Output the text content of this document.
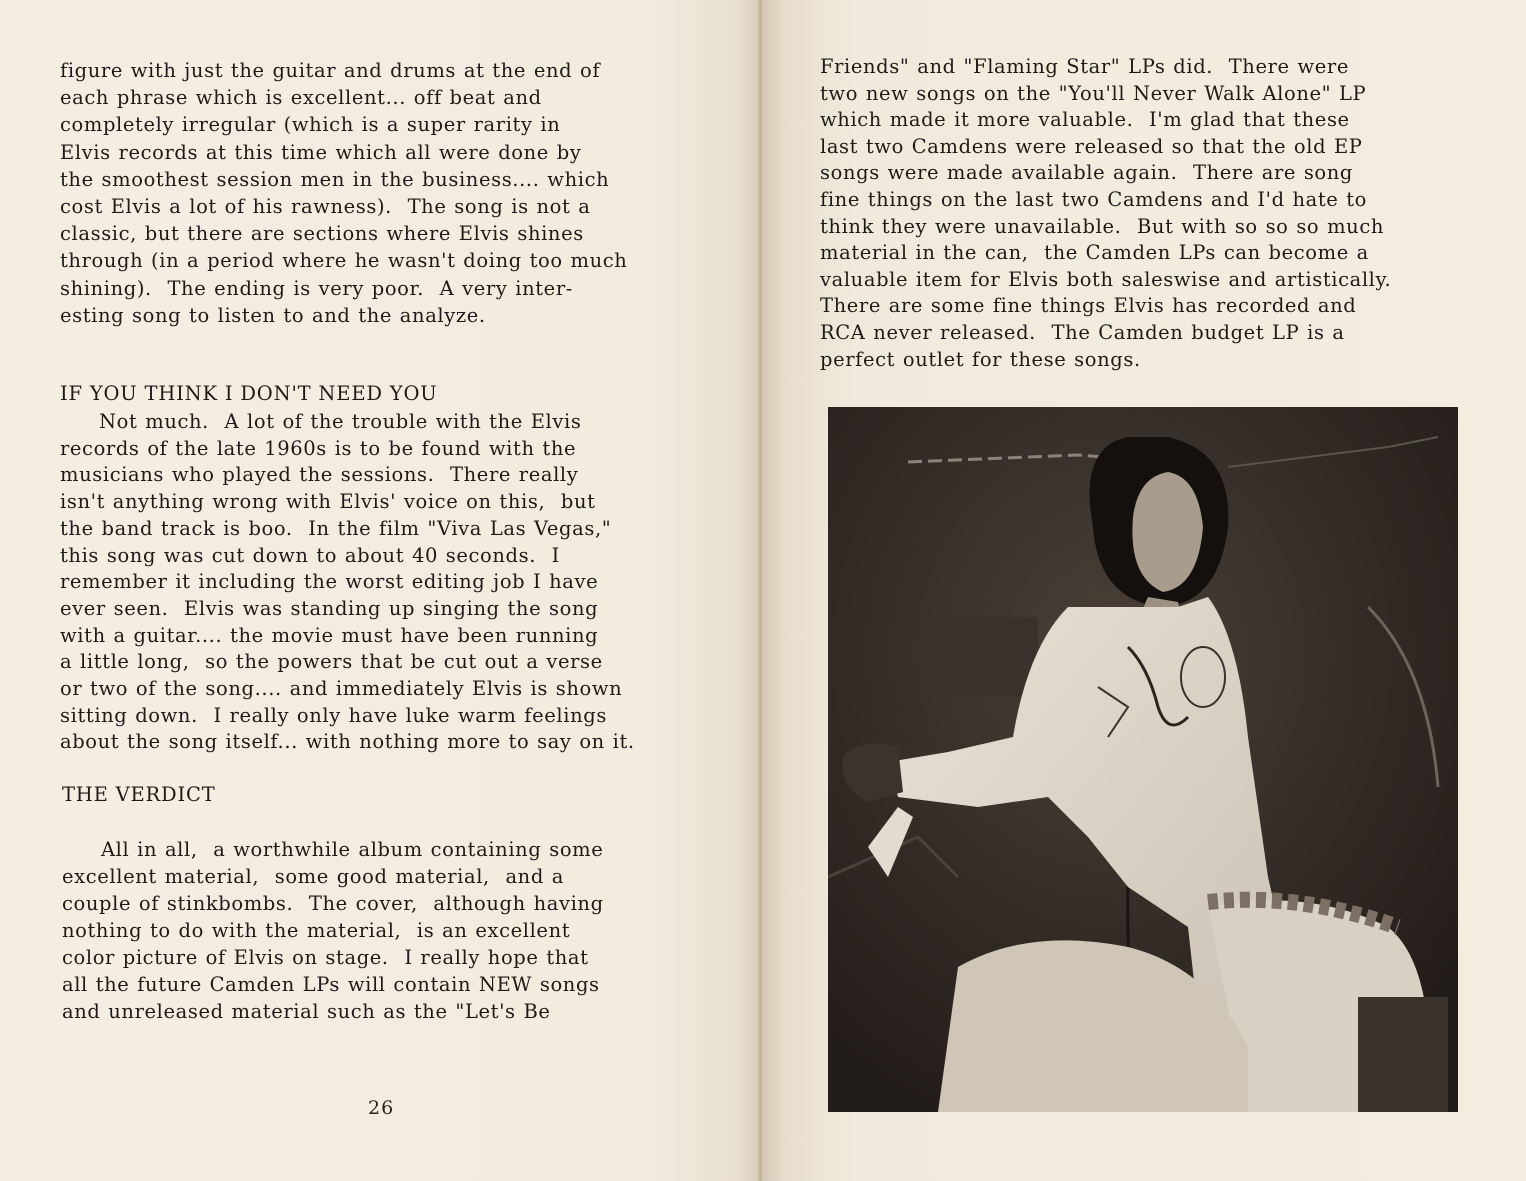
figure with just the guitar and drums at the end of
each phrase which is excellent... off beat and
completely irregular (which is a super rarity in
Elvis records at this time which all were done by
the smoothest session men in the business.... which
cost Elvis a lot of his rawness).  The song is not a
classic, but there are sections where Elvis shines
through (in a period where he wasn't doing too much
shining).  The ending is very poor.  A very inter-
esting song to listen to and the analyze.
IF YOU THINK I DON'T NEED YOU
Not much.  A lot of the trouble with the Elvis
records of the late 1960s is to be found with the
musicians who played the sessions.  There really
isn't anything wrong with Elvis' voice on this,  but
the band track is boo.  In the film "Viva Las Vegas,"
this song was cut down to about 40 seconds.  I
remember it including the worst editing job I have
ever seen.  Elvis was standing up singing the song
with a guitar.... the movie must have been running
a little long,  so the powers that be cut out a verse
or two of the song.... and immediately Elvis is shown
sitting down.  I really only have luke warm feelings
about the song itself... with nothing more to say on it.
THE VERDICT
All in all,  a worthwhile album containing some
excellent material,  some good material,  and a
couple of stinkbombs.  The cover,  although having
nothing to do with the material,  is an excellent
color picture of Elvis on stage.  I really hope that
all the future Camden LPs will contain NEW songs
and unreleased material such as the "Let's Be
26
Friends" and "Flaming Star" LPs did.  There were
two new songs on the "You'll Never Walk Alone" LP
which made it more valuable.  I'm glad that these
last two Camdens were released so that the old EP
songs were made available again.  There are song
fine things on the last two Camdens and I'd hate to
think they were unavailable.  But with so so so much
material in the can,  the Camden LPs can become a
valuable item for Elvis both saleswise and artistically.
There are some fine things Elvis has recorded and
RCA never released.  The Camden budget LP is a
perfect outlet for these songs.
